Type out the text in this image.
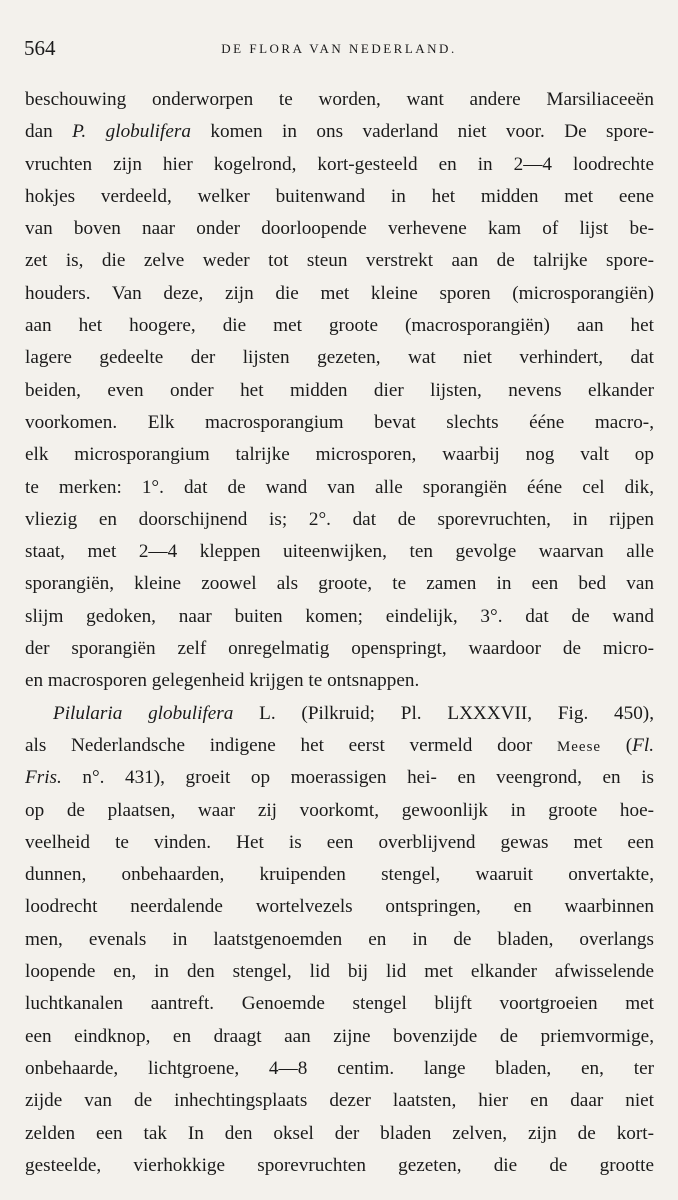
564	DE FLORA VAN NEDERLAND.
beschouwing onderworpen te worden, want andere Marsiliaceeën
dan P. globulifera komen in ons vaderland niet voor. De spore-
vruchten zijn hier kogelrond, kort-gesteeld en in 2—4 loodrechte
hokjes verdeeld, welker buitenwand in het midden met eene
van boven naar onder doorloopende verhevene kam of lijst be-
zet is, die zelve weder tot steun verstrekt aan de talrijke spore-
houders. Van deze, zijn die met kleine sporen (microsporangiën)
aan het hoogere, die met groote (macrosporangiën) aan het
lagere gedeelte der lijsten gezeten, wat niet verhindert, dat
beiden, even onder het midden dier lijsten, nevens elkander
voorkomen. Elk macrosporangium bevat slechts éénе macro-,
elk microsporangium talrijke microsporen, waarbij nog valt op
te merken: 1°. dat de wand van alle sporangiën éénе cel dik,
vliezig en doorschijnend is; 2°. dat de sporevruchten, in rijpen
staat, met 2—4 kleppen uiteenwijken, ten gevolge waarvan alle
sporangiën, kleine zoowel als groote, te zamen in een bed van
slijm gedoken, naar buiten komen; eindelijk, 3°. dat de wand
der sporangiën zelf onregelmatig openspringt, waardoor de micro-
en macrosporen gelegenheid krijgen te ontsnappen.
Pilularia globulifera L. (Pilkruid; Pl. LXXXVII, Fig. 450),
als Nederlandsche indigene het eerst vermeld door Meese (Fl.
Fris. n°. 431), groeit op moerassigen hei- en veengrond, en is
op de plaatsen, waar zij voorkomt, gewoonlijk in groote hoe-
veelheid te vinden. Het is een overblijvend gewas met een
dunnen, onbehaarden, kruipenden stengel, waaruit onvertakte,
loodrecht neerdalende wortelvezels ontspringen, en waarbinnen
men, evenals in laatstgenoemden en in de bladen, overlangs
loopende en, in den stengel, lid bij lid met elkander afwisselende
luchtkanalen aantreft. Genoemde stengel blijft voortgroeien met
een eindknop, en draagt aan zijne bovenzijde de priemvormige,
onbehaarde, lichtgroene, 4—8 centim. lange bladen, en, ter
zijde van de inhechtingsplaats dezer laatsten, hier en daar niet
zelden een tak In den oksel der bladen zelven, zijn de kort-
gesteelde, vierhokkige sporevruchten gezeten, die de grootte
